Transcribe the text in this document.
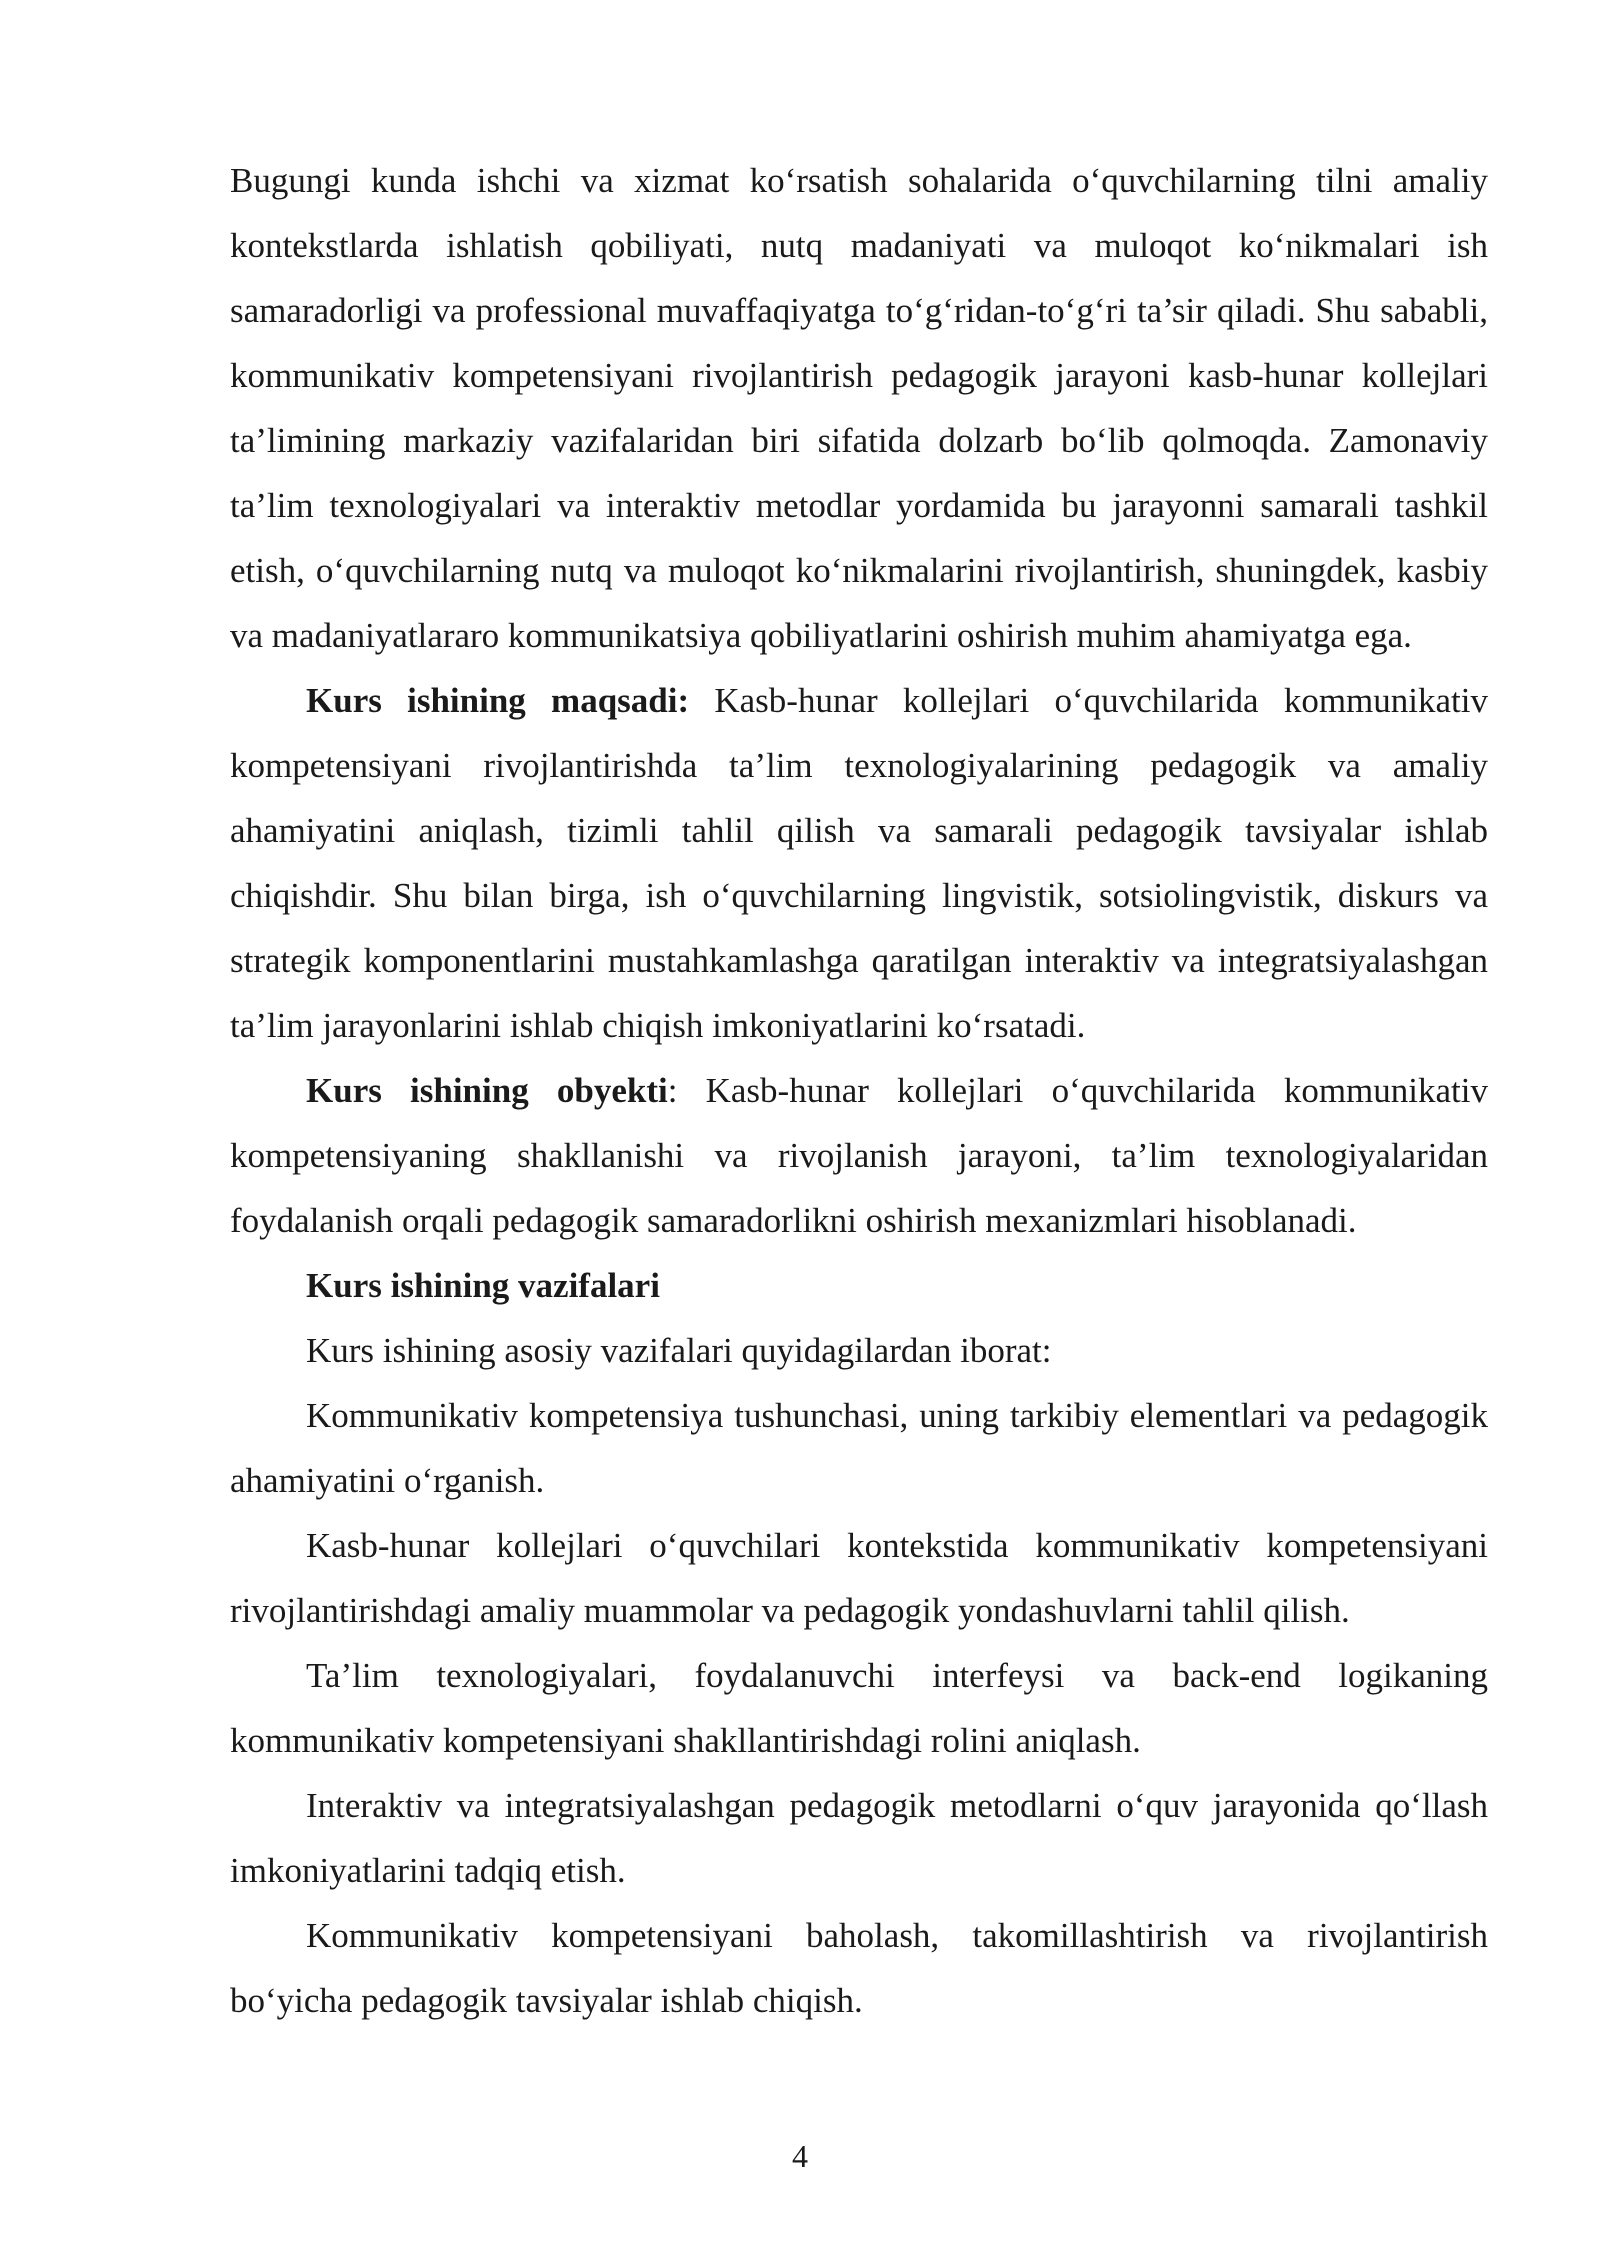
Bugungi kunda ishchi va xizmat ko‘rsatish sohalarida o‘quvchilarning tilni amaliy kontekstlarda ishlatish qobiliyati, nutq madaniyati va muloqot ko‘nikmalari ish samaradorligi va professional muvaffaqiyatga to‘g‘ridan-to‘g‘ri ta’sir qiladi. Shu sababli, kommunikativ kompetensiyani rivojlantirish pedagogik jarayoni kasb-hunar kollejlari ta’limining markaziy vazifalaridan biri sifatida dolzarb bo‘lib qolmoqda. Zamonaviy ta’lim texnologiyalari va interaktiv metodlar yordamida bu jarayonni samarali tashkil etish, o‘quvchilarning nutq va muloqot ko‘nikmalarini rivojlantirish, shuningdek, kasbiy va madaniyatlararo kommunikatsiya qobiliyatlarini oshirish muhim ahamiyatga ega.

Kurs ishining maqsadi: Kasb-hunar kollejlari o‘quvchilarida kommunikativ kompetensiyani rivojlantirishda ta’lim texnologiyalarining pedagogik va amaliy ahamiyatini aniqlash, tizimli tahlil qilish va samarali pedagogik tavsiyalar ishlab chiqishdir. Shu bilan birga, ish o‘quvchilarning lingvistik, sotsiolingvistik, diskurs va strategik komponentlarini mustahkamlashga qaratilgan interaktiv va integratsiyalashgan ta’lim jarayonlarini ishlab chiqish imkoniyatlarini ko‘rsatadi.

Kurs ishining obyekti: Kasb-hunar kollejlari o‘quvchilarida kommunikativ kompetensiyaning shakllanishi va rivojlanish jarayoni, ta’lim texnologiyalaridan foydalanish orqali pedagogik samaradorlikni oshirish mexanizmlari hisoblanadi.

Kurs ishining vazifalari

Kurs ishining asosiy vazifalari quyidagilardan iborat:

Kommunikativ kompetensiya tushunchasi, uning tarkibiy elementlari va pedagogik ahamiyatini o‘rganish.

Kasb-hunar kollejlari o‘quvchilari kontekstida kommunikativ kompetensiyani rivojlantirishdagi amaliy muammolar va pedagogik yondashuvlarni tahlil qilish.

Ta’lim texnologiyalari, foydalanuvchi interfeysi va back-end logikaning kommunikativ kompetensiyani shakllantirishdagi rolini aniqlash.

Interaktiv va integratsiyalashgan pedagogik metodlarni o‘quv jarayonida qo‘llash imkoniyatlarini tadqiq etish.

Kommunikativ kompetensiyani baholash, takomillashtirish va rivojlantirish bo‘yicha pedagogik tavsiyalar ishlab chiqish.

4
